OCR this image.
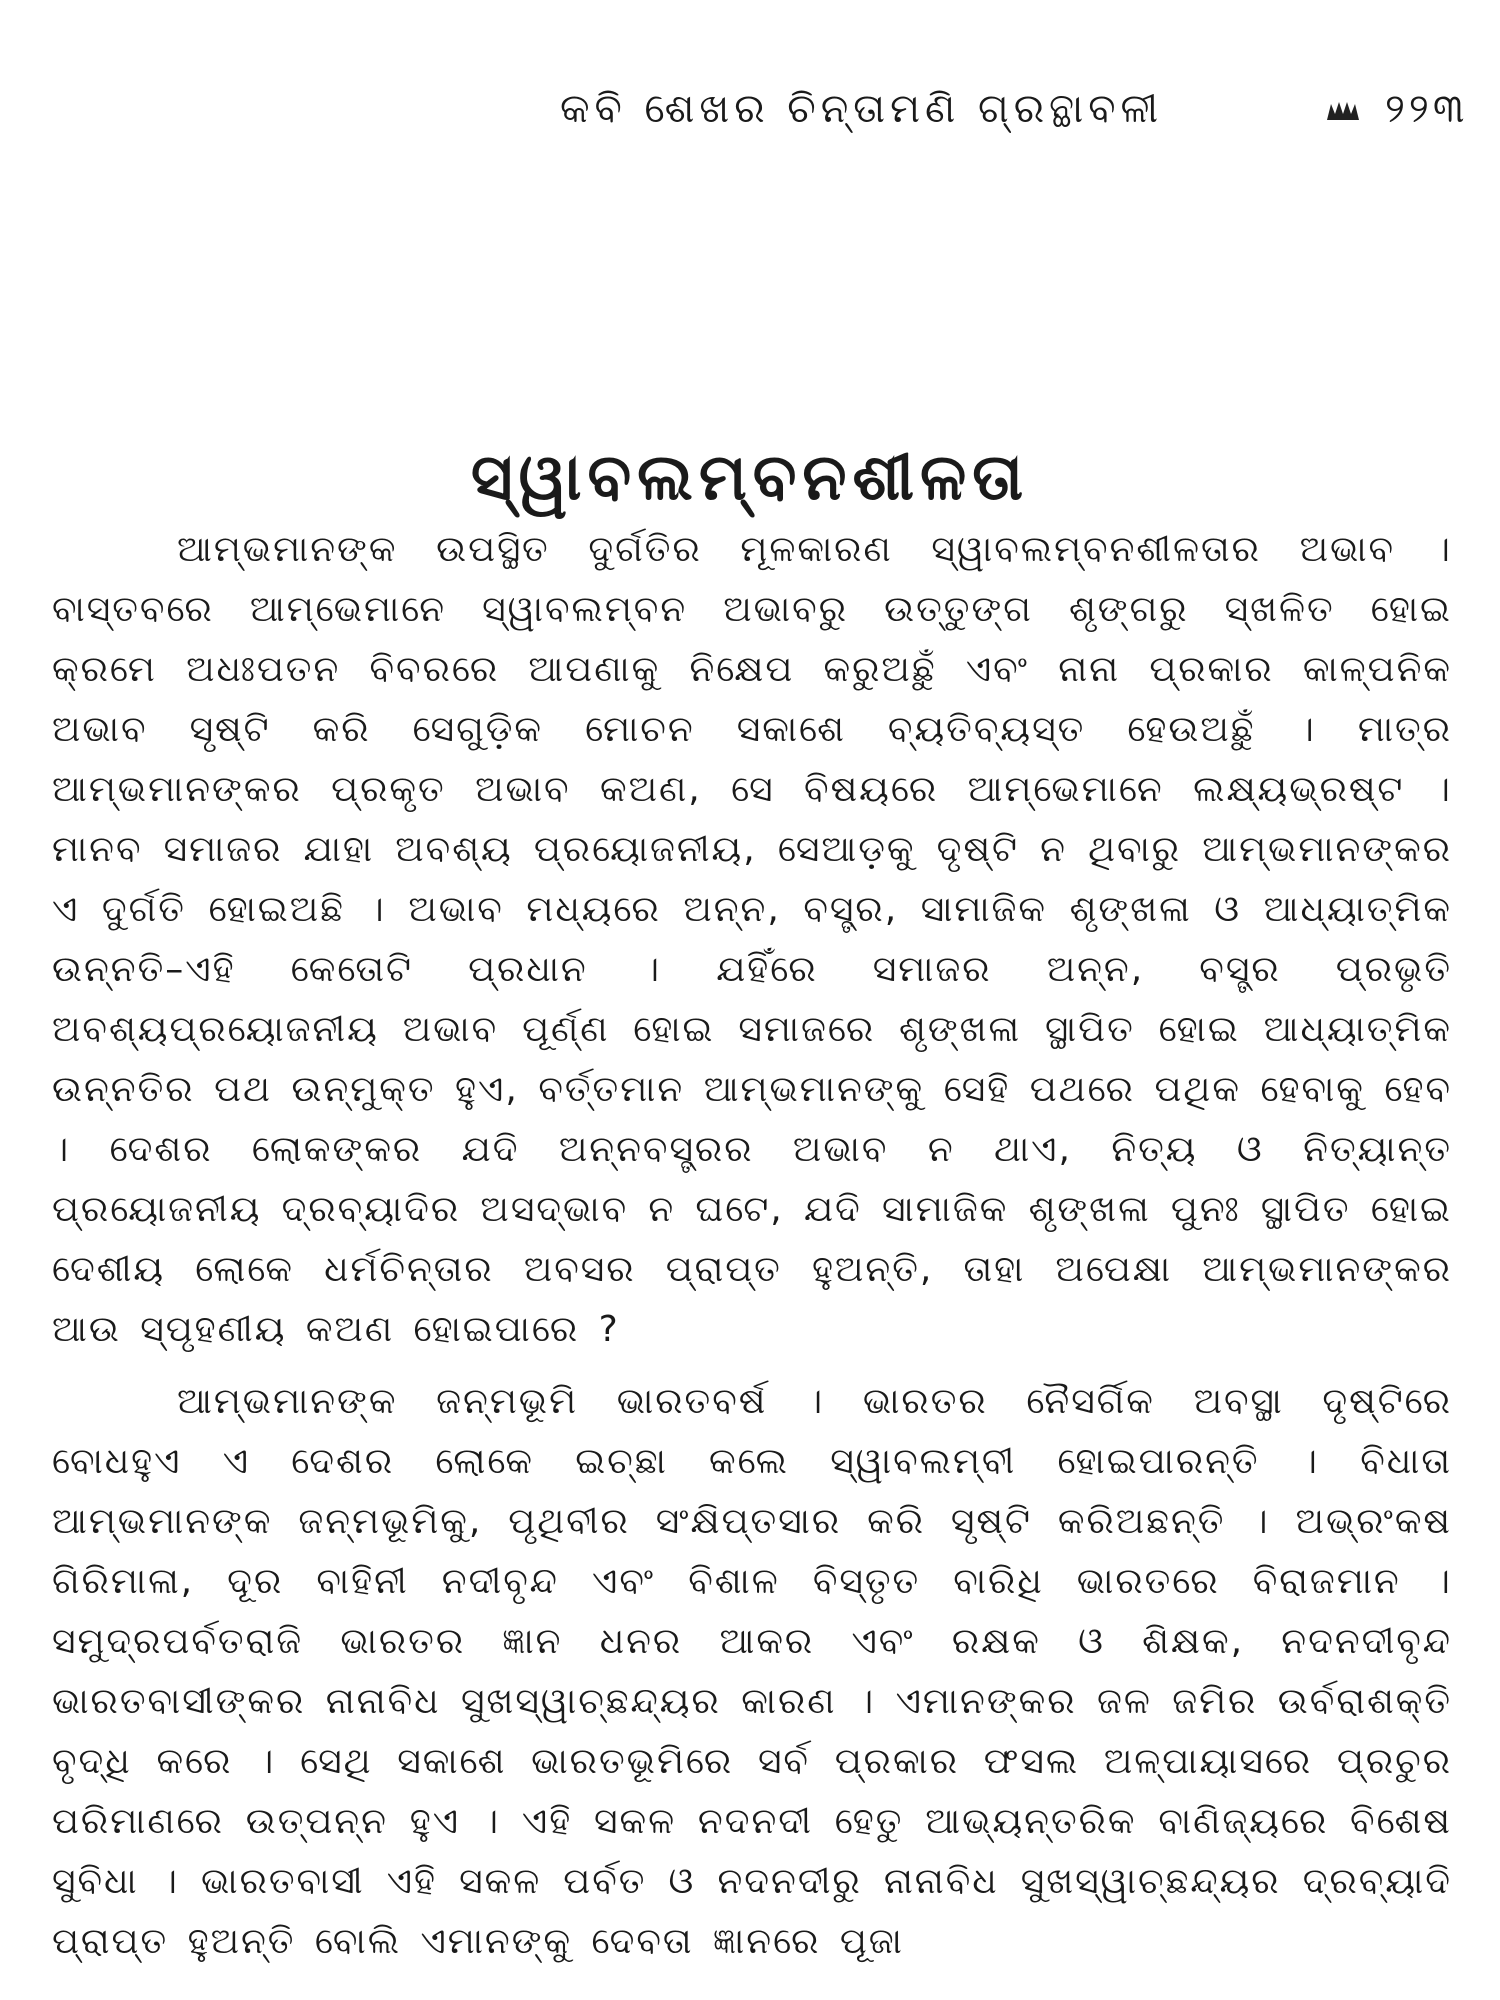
କବି ଶେଖର ଚିନ୍ତାମଣି ଗ୍ରନ୍ଥାବଳୀ	୨୨୩
ସ୍ୱାବଲମ୍ବନଶୀଳତା

ଆମ୍ଭମାନଙ୍କ ଉପସ୍ଥିତ ଦୁର୍ଗତିର ମୂଳକାରଣ ସ୍ୱାବଲମ୍ବନଶୀଳତାର ଅଭାବ । ବାସ୍ତବରେ ଆମ୍ଭେମାନେ ସ୍ୱାବଲମ୍ବନ ଅଭାବରୁ ଉତ୍ତୁଙ୍ଗ ଶୃଙ୍ଗରୁ ସ୍ଖଳିତ ହୋଇ କ୍ରମେ ଅଧଃପତନ ବିବରରେ ଆପଣାକୁ ନିକ୍ଷେପ କରୁଅଛୁଁ ଏବଂ ନାନା ପ୍ରକାର କାଳ୍ପନିକ ଅଭାବ ସୃଷ୍ଟି କରି ସେଗୁଡ଼ିକ ମୋଚନ ସକାଶେ ବ୍ୟତିବ୍ୟସ୍ତ ହେଉଅଛୁଁ । ମାତ୍ର ଆମ୍ଭମାନଙ୍କର ପ୍ରକୃତ ଅଭାବ କଅଣ, ସେ ବିଷୟରେ ଆମ୍ଭେମାନେ ଲକ୍ଷ୍ୟଭ୍ରଷ୍ଟ । ମାନବ ସମାଜର ଯାହା ଅବଶ୍ୟ ପ୍ରୟୋଜନୀୟ, ସେଆଡ଼କୁ ଦୃଷ୍ଟି ନ ଥିବାରୁ ଆମ୍ଭମାନଙ୍କର ଏ ଦୁର୍ଗତି ହୋଇଅଛି । ଅଭାବ ମଧ୍ୟରେ ଅନ୍ନ, ବସ୍ତ୍ର, ସାମାଜିକ ଶୃଙ୍ଖଳା ଓ ଆଧ୍ୟାତ୍ମିକ ଉନ୍ନତି–ଏହି କେତୋଟି ପ୍ରଧାନ । ଯହିଁରେ ସମାଜର ଅନ୍ନ, ବସ୍ତ୍ର ପ୍ରଭୃତି ଅବଶ୍ୟପ୍ରୟୋଜନୀୟ ଅଭାବ ପୂର୍ଣ୍ଣ ହୋଇ ସମାଜରେ ଶୃଙ୍ଖଳା ସ୍ଥାପିତ ହୋଇ ଆଧ୍ୟାତ୍ମିକ ଉନ୍ନତିର ପଥ ଉନ୍ମୁକ୍ତ ହୁଏ, ବର୍ତ୍ତମାନ ଆମ୍ଭମାନଙ୍କୁ ସେହି ପଥରେ ପଥିକ ହେବାକୁ ହେବ । ଦେଶର ଲୋକଙ୍କର ଯଦି ଅନ୍ନବସ୍ତ୍ରର ଅଭାବ ନ ଥାଏ, ନିତ୍ୟ ଓ ନିତ୍ୟାନ୍ତ ପ୍ରୟୋଜନୀୟ ଦ୍ରବ୍ୟାଦିର ଅସଦ୍‌ଭାବ ନ ଘଟେ, ଯଦି ସାମାଜିକ ଶୃଙ୍ଖଳା ପୁନଃ ସ୍ଥାପିତ ହୋଇ ଦେଶୀୟ ଲୋକେ ଧର୍ମଚିନ୍ତାର ଅବସର ପ୍ରାପ୍ତ ହୁଅନ୍ତି, ତାହା ଅପେକ୍ଷା ଆମ୍ଭମାନଙ୍କର ଆଉ ସ୍ପୃହଣୀୟ କଅଣ ହୋଇପାରେ ?

ଆମ୍ଭମାନଙ୍କ ଜନ୍ମଭୂମି ଭାରତବର୍ଷ । ଭାରତର ନୈସର୍ଗିକ ଅବସ୍ଥା ଦୃଷ୍ଟିରେ ବୋଧହୁଏ ଏ ଦେଶର ଲୋକେ ଇଚ୍ଛା କଲେ ସ୍ୱାବଲମ୍ବୀ ହୋଇପାରନ୍ତି । ବିଧାତା ଆମ୍ଭମାନଙ୍କ ଜନ୍ମଭୂମିକୁ, ପୃଥିବୀର ସଂକ୍ଷିପ୍ତସାର କରି ସୃଷ୍ଟି କରିଅଛନ୍ତି । ଅଭ୍ରଂକଷ ଗିରିମାଳା, ଦୂର ବାହିନୀ ନଦୀବୃନ୍ଦ ଏବଂ ବିଶାଳ ବିସ୍ତୃତ ବାରିଧି ଭାରତରେ ବିରାଜମାନ । ସମୁଦ୍ରପର୍ବତରାଜି ଭାରତର ଜ୍ଞାନ ଧନର ଆକର ଏବଂ ରକ୍ଷକ ଓ ଶିକ୍ଷକ, ନଦନଦୀବୃନ୍ଦ ଭାରତବାସୀଙ୍କର ନାନାବିଧ ସୁଖସ୍ୱାଚ୍ଛନ୍ଦ୍ୟର କାରଣ । ଏମାନଙ୍କର ଜଳ ଜମିର ଉର୍ବରାଶକ୍ତି ବୃଦ୍ଧି କରେ । ସେଥି ସକାଶେ ଭାରତଭୂମିରେ ସର୍ବ ପ୍ରକାର ଫସଲ ଅଳ୍ପାୟାସରେ ପ୍ରଚୁର ପରିମାଣରେ ଉତ୍ପନ୍ନ ହୁଏ । ଏହି ସକଳ ନଦନଦୀ ହେତୁ ଆଭ୍ୟନ୍ତରିକ ବାଣିଜ୍ୟରେ ବିଶେଷ ସୁବିଧା । ଭାରତବାସୀ ଏହି ସକଳ ପର୍ବତ ଓ ନଦନଦୀରୁ ନାନାବିଧ ସୁଖସ୍ୱାଚ୍ଛନ୍ଦ୍ୟର ଦ୍ରବ୍ୟାଦି ପ୍ରାପ୍ତ ହୁଅନ୍ତି ବୋଲି ଏମାନଙ୍କୁ ଦେବତା ଜ୍ଞାନରେ ପୂଜା
